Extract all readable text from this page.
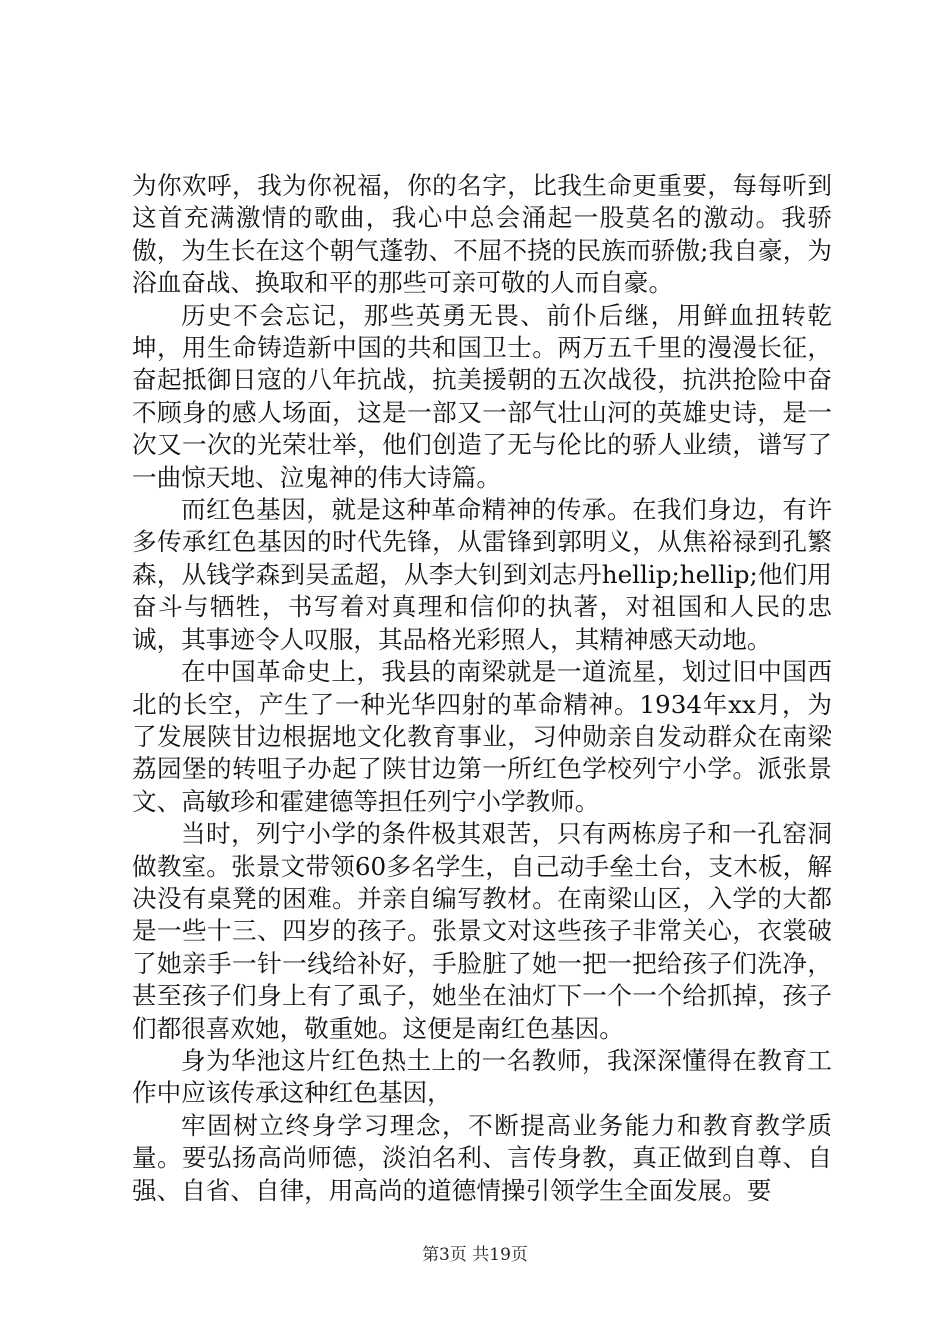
为你欢呼，我为你祝福，你的名字，比我生命更重要，每每听到这首充满激情的歌曲，我心中总会涌起一股莫名的激动。我骄傲，为生长在这个朝气蓬勃、不屈不挠的民族而骄傲;我自豪，为浴血奋战、换取和平的那些可亲可敬的人而自豪。

历史不会忘记，那些英勇无畏、前仆后继，用鲜血扭转乾坤，用生命铸造新中国的共和国卫士。两万五千里的漫漫长征，奋起抵御日寇的八年抗战，抗美援朝的五次战役，抗洪抢险中奋不顾身的感人场面，这是一部又一部气壮山河的英雄史诗，是一次又一次的光荣壮举，他们创造了无与伦比的骄人业绩，谱写了一曲惊天地、泣鬼神的伟大诗篇。

而红色基因，就是这种革命精神的传承。在我们身边，有许多传承红色基因的时代先锋，从雷锋到郭明义，从焦裕禄到孔繁森，从钱学森到吴孟超，从李大钊到刘志丹hellip;hellip;他们用奋斗与牺牲，书写着对真理和信仰的执著，对祖国和人民的忠诚，其事迹令人叹服，其品格光彩照人，其精神感天动地。

在中国革命史上，我县的南梁就是一道流星，划过旧中国西北的长空，产生了一种光华四射的革命精神。1934年xx月，为了发展陕甘边根据地文化教育事业，习仲勋亲自发动群众在南梁荔园堡的转咀子办起了陕甘边第一所红色学校列宁小学。派张景文、高敏珍和霍建德等担任列宁小学教师。

当时，列宁小学的条件极其艰苦，只有两栋房子和一孔窑洞做教室。张景文带领60多名学生，自己动手垒土台，支木板，解决没有桌凳的困难。并亲自编写教材。在南梁山区，入学的大都是一些十三、四岁的孩子。张景文对这些孩子非常关心，衣裳破了她亲手一针一线给补好，手脸脏了她一把一把给孩子们洗净，甚至孩子们身上有了虱子，她坐在油灯下一个一个给抓掉，孩子们都很喜欢她，敬重她。这便是南红色基因。

身为华池这片红色热土上的一名教师，我深深懂得在教育工作中应该传承这种红色基因，

牢固树立终身学习理念，不断提高业务能力和教育教学质量。要弘扬高尚师德，淡泊名利、言传身教，真正做到自尊、自强、自省、自律，用高尚的道德情操引领学生全面发展。要

第3页 共19页
